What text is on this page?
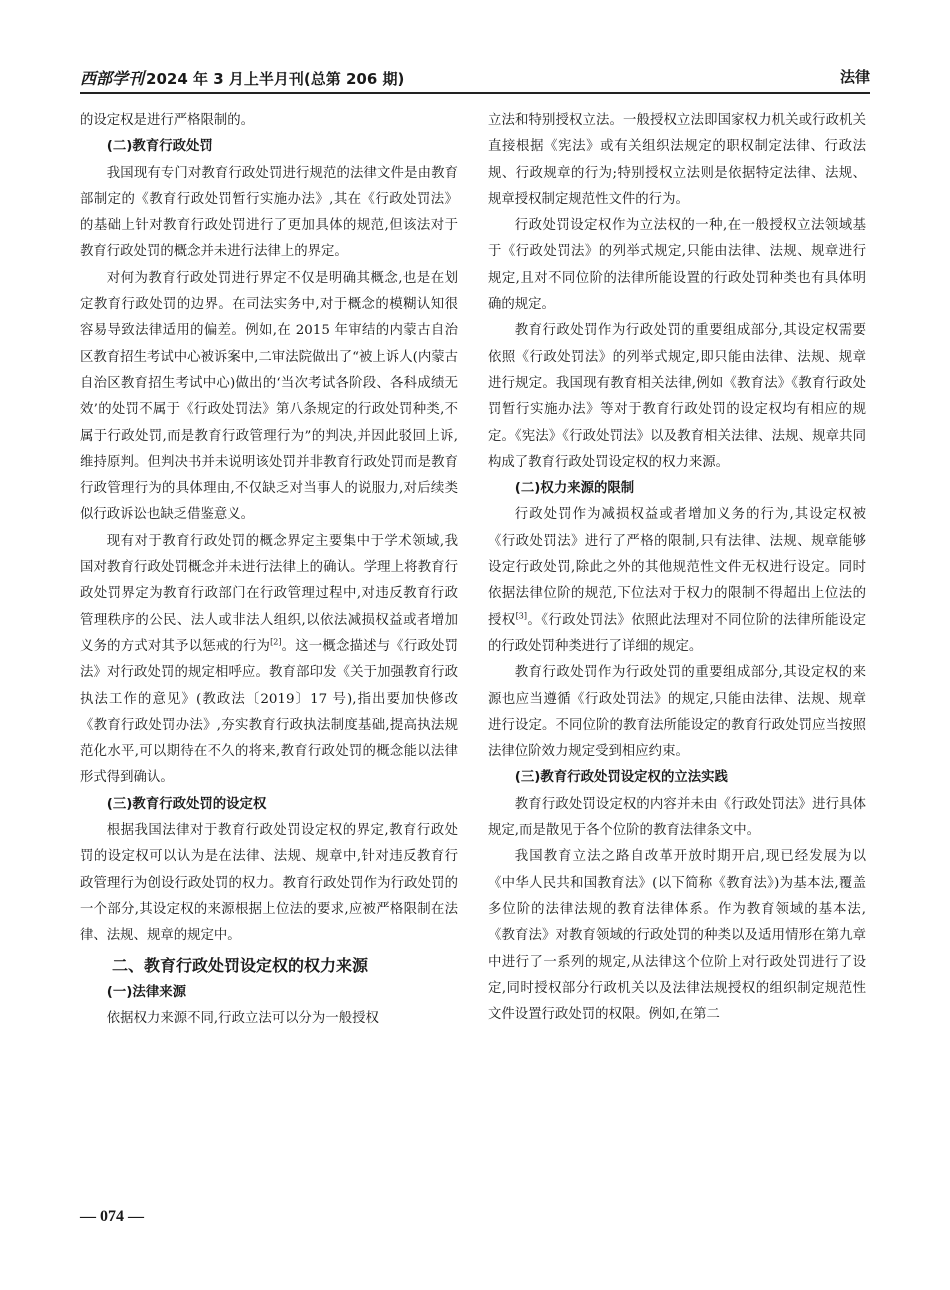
西部学刊 2024 年 3 月上半月刊(总第 206 期)	法律

的设定权是进行严格限制的。

(二)教育行政处罚

我国现有专门对教育行政处罚进行规范的法律文件是由教育部制定的《教育行政处罚暂行实施办法》,其在《行政处罚法》的基础上针对教育行政处罚进行了更加具体的规范,但该法对于教育行政处罚的概念并未进行法律上的界定。

对何为教育行政处罚进行界定不仅是明确其概念,也是在划定教育行政处罚的边界。在司法实务中,对于概念的模糊认知很容易导致法律适用的偏差。例如,在 2015 年审结的内蒙古自治区教育招生考试中心被诉案中,二审法院做出了“被上诉人(内蒙古自治区教育招生考试中心)做出的‘当次考试各阶段、各科成绩无效’的处罚不属于《行政处罚法》第八条规定的行政处罚种类,不属于行政处罚,而是教育行政管理行为”的判决,并因此驳回上诉,维持原判。但判决书并未说明该处罚并非教育行政处罚而是教育行政管理行为的具体理由,不仅缺乏对当事人的说服力,对后续类似行政诉讼也缺乏借鉴意义。

现有对于教育行政处罚的概念界定主要集中于学术领域,我国对教育行政处罚概念并未进行法律上的确认。学理上将教育行政处罚界定为教育行政部门在行政管理过程中,对违反教育行政管理秩序的公民、法人或非法人组织,以依法减损权益或者增加义务的方式对其予以惩戒的行为[2]。这一概念描述与《行政处罚法》对行政处罚的规定相呼应。教育部印发《关于加强教育行政执法工作的意见》(教政法〔2019〕17 号),指出要加快修改《教育行政处罚办法》,夯实教育行政执法制度基础,提高执法规范化水平,可以期待在不久的将来,教育行政处罚的概念能以法律形式得到确认。

(三)教育行政处罚的设定权

根据我国法律对于教育行政处罚设定权的界定,教育行政处罚的设定权可以认为是在法律、法规、规章中,针对违反教育行政管理行为创设行政处罚的权力。教育行政处罚作为行政处罚的一个部分,其设定权的来源根据上位法的要求,应被严格限制在法律、法规、规章的规定中。

二、教育行政处罚设定权的权力来源
(一)法律来源

依据权力来源不同,行政立法可以分为一般授权

立法和特别授权立法。一般授权立法即国家权力机关或行政机关直接根据《宪法》或有关组织法规定的职权制定法律、行政法规、行政规章的行为;特别授权立法则是依据特定法律、法规、规章授权制定规范性文件的行为。

行政处罚设定权作为立法权的一种,在一般授权立法领域基于《行政处罚法》的列举式规定,只能由法律、法规、规章进行规定,且对不同位阶的法律所能设置的行政处罚种类也有具体明确的规定。

教育行政处罚作为行政处罚的重要组成部分,其设定权需要依照《行政处罚法》的列举式规定,即只能由法律、法规、规章进行规定。我国现有教育相关法律,例如《教育法》《教育行政处罚暂行实施办法》等对于教育行政处罚的设定权均有相应的规定。《宪法》《行政处罚法》以及教育相关法律、法规、规章共同构成了教育行政处罚设定权的权力来源。

(二)权力来源的限制

行政处罚作为减损权益或者增加义务的行为,其设定权被《行政处罚法》进行了严格的限制,只有法律、法规、规章能够设定行政处罚,除此之外的其他规范性文件无权进行设定。同时依据法律位阶的规范,下位法对于权力的限制不得超出上位法的授权[3]。《行政处罚法》依照此法理对不同位阶的法律所能设定的行政处罚种类进行了详细的规定。

教育行政处罚作为行政处罚的重要组成部分,其设定权的来源也应当遵循《行政处罚法》的规定,只能由法律、法规、规章进行设定。不同位阶的教育法所能设定的教育行政处罚应当按照法律位阶效力规定受到相应约束。

(三)教育行政处罚设定权的立法实践

教育行政处罚设定权的内容并未由《行政处罚法》进行具体规定,而是散见于各个位阶的教育法律条文中。

我国教育立法之路自改革开放时期开启,现已经发展为以《中华人民共和国教育法》(以下简称《教育法》)为基本法,覆盖多位阶的法律法规的教育法律体系。作为教育领域的基本法,《教育法》对教育领域的行政处罚的种类以及适用情形在第九章中进行了一系列的规定,从法律这个位阶上对行政处罚进行了设定,同时授权部分行政机关以及法律法规授权的组织制定规范性文件设置行政处罚的权限。例如,在第二

— 074 —
